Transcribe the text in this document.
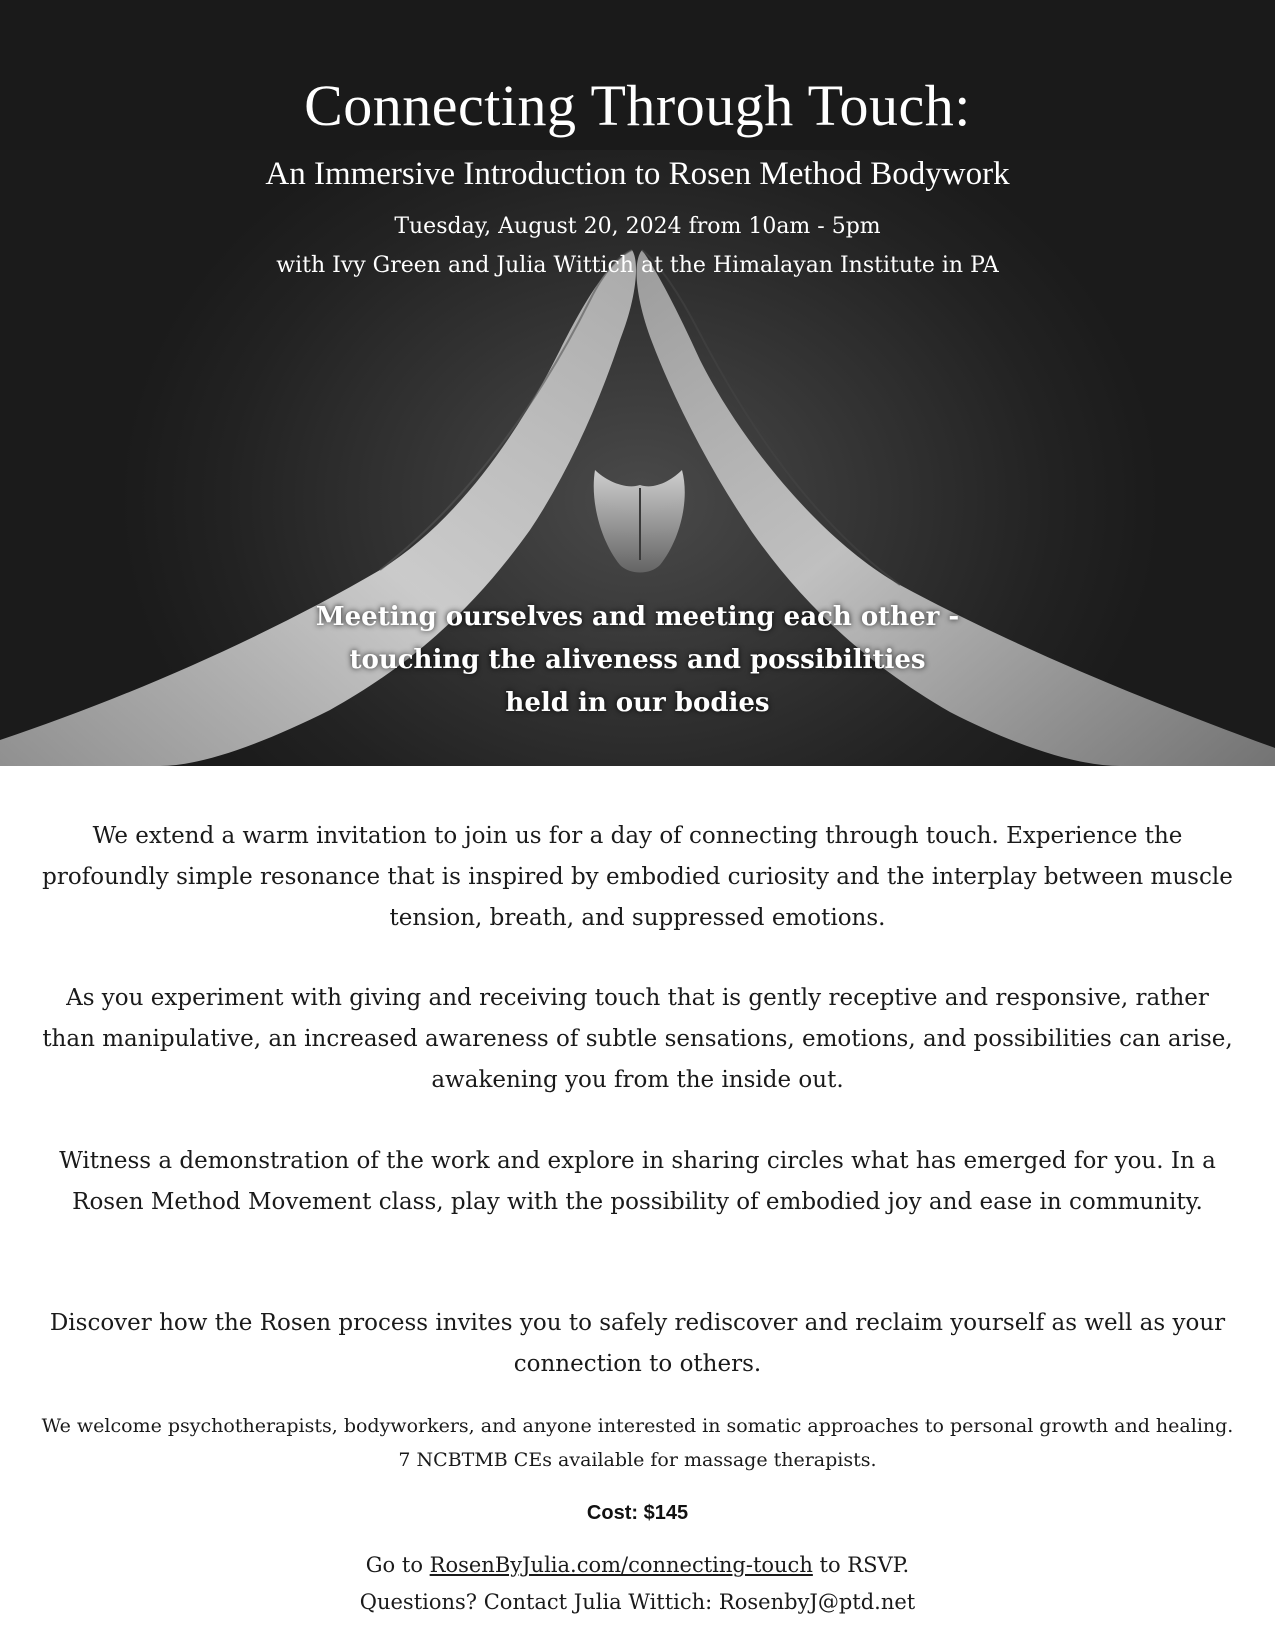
Connecting Through Touch:
An Immersive Introduction to Rosen Method Bodywork

Tuesday, August 20, 2024 from 10am - 5pm

with Ivy Green and Julia Wittich at the Himalayan Institute in PA

Meeting ourselves and meeting each other -
touching the aliveness and possibilities
held in our bodies

We extend a warm invitation to join us for a day of connecting through touch. Experience the profoundly simple resonance that is inspired by embodied curiosity and the interplay between muscle tension, breath, and suppressed emotions.

As you experiment with giving and receiving touch that is gently receptive and responsive, rather than manipulative, an increased awareness of subtle sensations, emotions, and possibilities can arise, awakening you from the inside out.

Witness a demonstration of the work and explore in sharing circles what has emerged for you. In a Rosen Method Movement class, play with the possibility of embodied joy and ease in community.

Discover how the Rosen process invites you to safely rediscover and reclaim yourself as well as your connection to others.

We welcome psychotherapists, bodyworkers, and anyone interested in somatic approaches to personal growth and healing. 7 NCBTMB CEs available for massage therapists.

Cost: $145
Go to RosenByJulia.com/connecting-touch to RSVP.
Questions? Contact Julia Wittich: RosenbyJ@ptd.net
